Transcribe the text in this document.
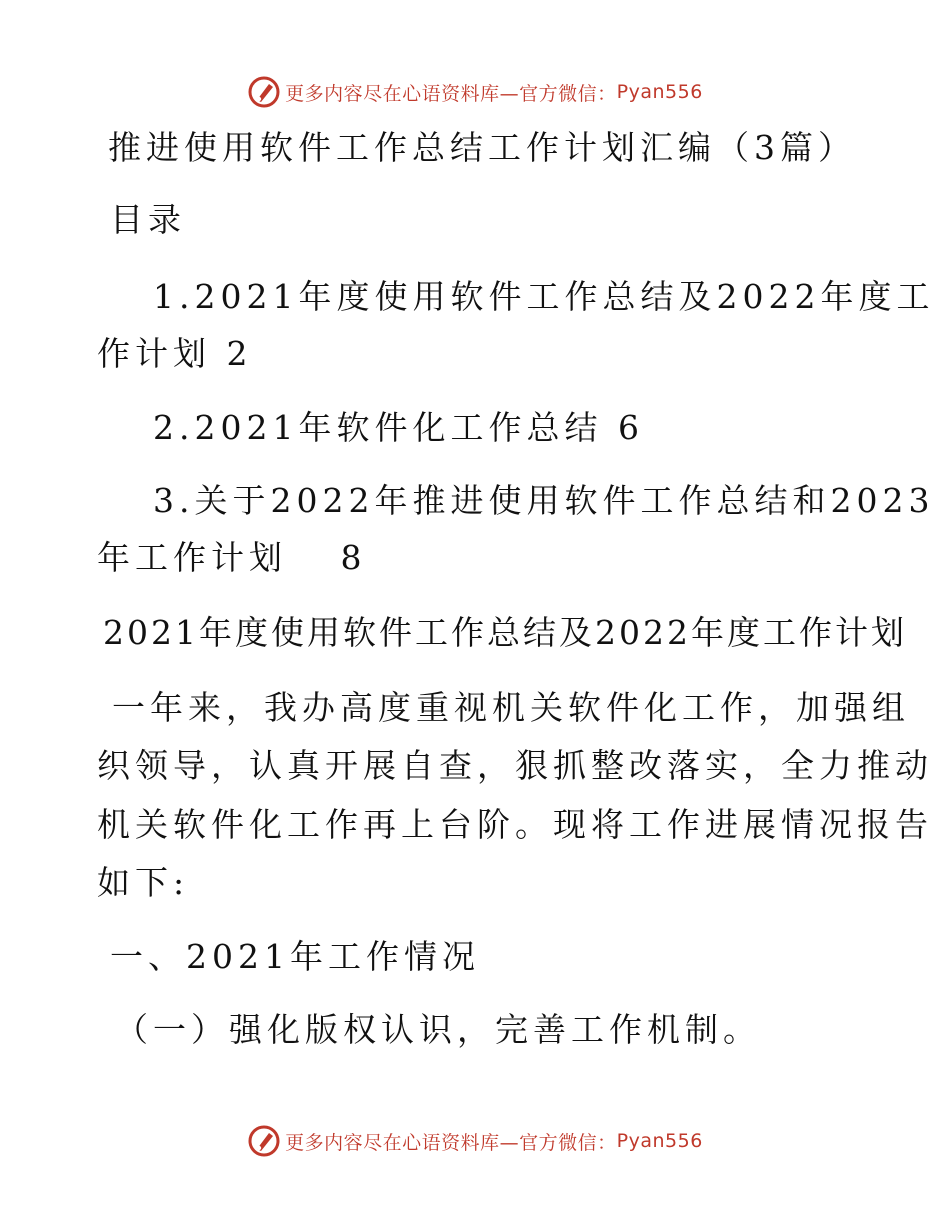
更多内容尽在心语资料库—官方微信： Pyan556
推进使用软件工作总结工作计划汇编（3篇）
目录
1.2021年度使用软件工作总结及2022年度工
作计划 2
2.2021年软件化工作总结 6
3.关于2022年推进使用软件工作总结和2023
年工作计划　 8
2021年度使用软件工作总结及2022年度工作计划
一年来，我办高度重视机关软件化工作，加强组
织领导，认真开展自查，狠抓整改落实，全力推动
机关软件化工作再上台阶。现将工作进展情况报告
如下:
一、2021年工作情况
（一）强化版权认识，完善工作机制。
更多内容尽在心语资料库—官方微信： Pyan556
